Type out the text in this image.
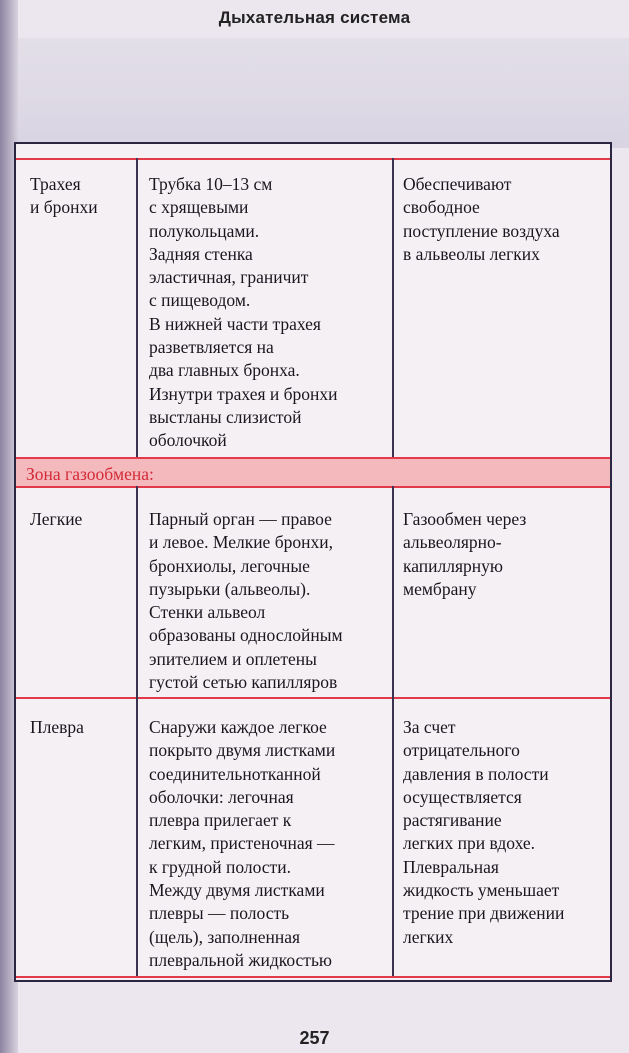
Дыхательная система
Трахея
и бронхи
Трубка 10–13 см
с хрящевыми
полукольцами.
Задняя стенка
эластичная, граничит
с пищеводом.
В нижней части трахея
разветвляется на
два главных бронха.
Изнутри трахея и бронхи
выстланы слизистой
оболочкой
Обеспечивают
свободное
поступление воздуха
в альвеолы легких
Зона газообмена:
Легкие	Парный орган — правое
и левое. Мелкие бронхи,
бронхиолы, легочные
пузырьки (альвеолы).
Стенки альвеол
образованы однослойным
эпителием и оплетены
густой сетью капилляров
Газообмен через
альвеолярно-
капиллярную
мембрану
Плевра	Снаружи каждое легкое
покрыто двумя листками
соединительнотканной
оболочки: легочная
плевра прилегает к
легким, пристеночная —
к грудной полости.
Между двумя листками
плевры — полость
(щель), заполненная
плевральной жидкостью
За счет
отрицательного
давления в полости
осуществляется
растягивание
легких при вдохе.
Плевральная
жидкость уменьшает
трение при движении
легких
257
